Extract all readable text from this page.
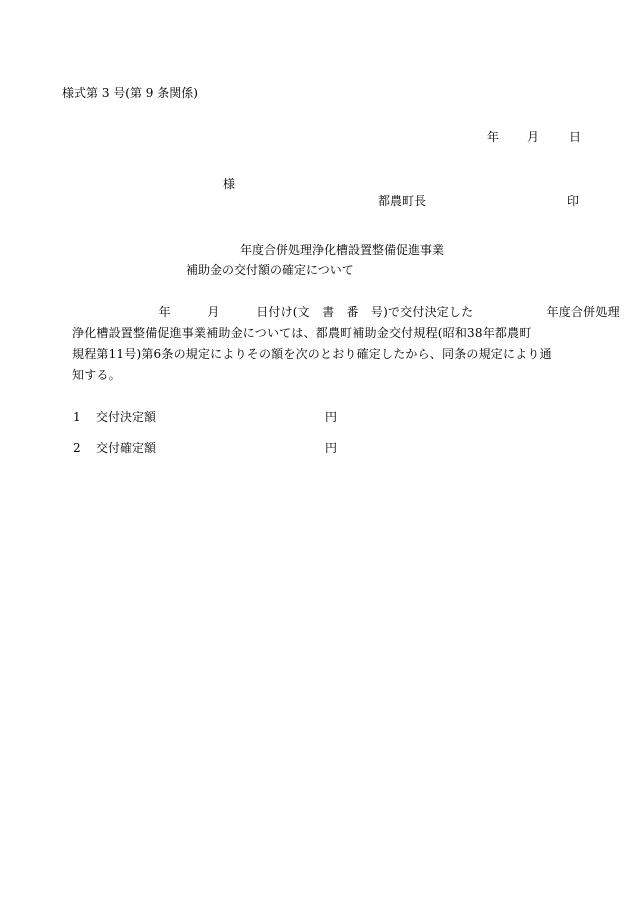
様式第 3 号(第 9 条関係)
年 月 日
様
都農町長	印
年度合併処理浄化槽設置整備促進事業
補助金の交付額の確定について
　　　　　　　　年　　　月　　　日付け(文　書　番　号)で交付決定した　　　　　　年度合併処理
浄化槽設置整備促進事業補助金については、都農町補助金交付規程(昭和38年都農町
規程第11号)第6条の規定によりその額を次のとおり確定したから、同条の規定により通
知する。
1 交付決定額	円
2 交付確定額	円
